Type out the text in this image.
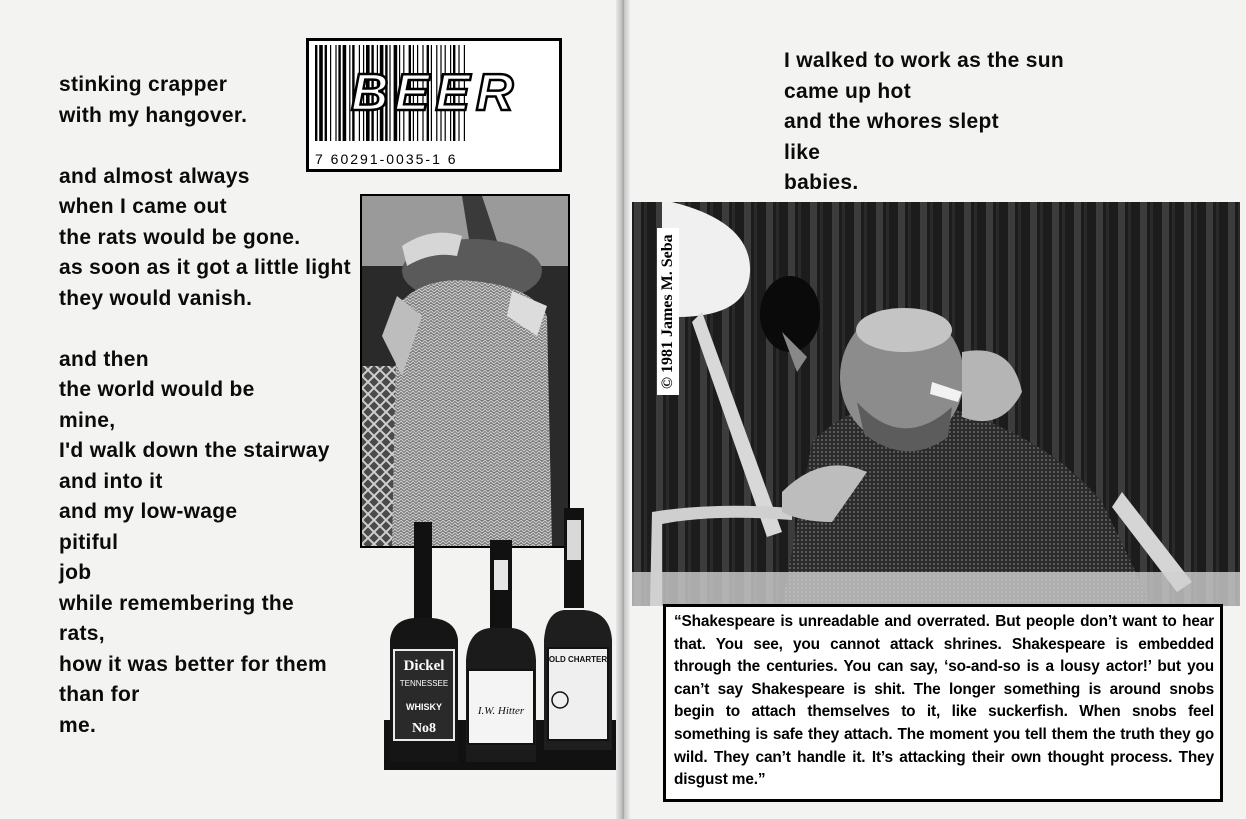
stinking crapper
with my hangover.
and almost always
when I came out
the rats would be gone.
as soon as it got a little light
they would vanish.
and then
the world would be
mine,
I'd walk down the stairway
and into it
and my low-wage
pitiful
job
while remembering the
rats,
how it was better for them
than for
me.
BEER
7 60291-0035-1 6
Dickel
TENNESSEE
WHISKY
No8
I.W. Hitter
OLD CHARTER
I walked to work as the sun
came up hot
and the whores slept
like
babies.
© 1981 James M. Seba

“Shakespeare is unreadable and overrated. But people don’t want to hear that. You see, you cannot attack shrines. Shakespeare is embedded through the centuries. You can say, ‘so-and-so is a lousy actor!’ but you can’t say Shakespeare is shit. The longer something is around snobs begin to attach themselves to it, like suckerfish. When snobs feel something is safe they attach. The moment you tell them the truth they go wild. They can’t handle it. It’s attacking their own thought process. They disgust me.”
